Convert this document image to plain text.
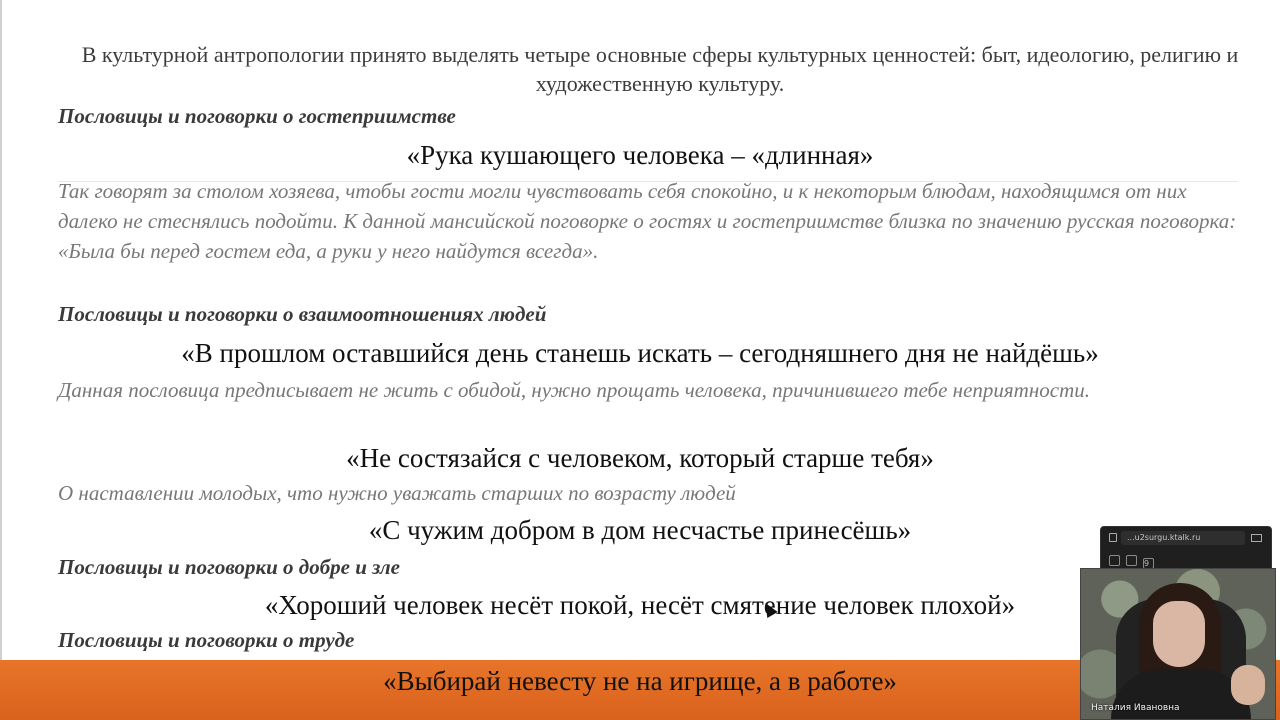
В культурной антропологии принято выделять четыре основные сферы культурных ценностей: быт, идеологию, религию и художественную культуру.
Пословицы и поговорки о гостеприимстве
«Рука кушающего человека – «длинная»
Так говорят за столом хозяева, чтобы гости могли чувствовать себя спокойно, и к некоторым блюдам, находящимся от них далеко не стеснялись подойти. К данной мансийской поговорке о гостях и гостеприимстве близка по значению русская поговорка: «Была бы перед гостем еда, а руки у него найдутся всегда».
Пословицы и поговорки о взаимоотношениях людей
«В прошлом оставшийся день станешь искать – сегодняшнего дня не найдёшь»
Данная пословица предписывает не жить с обидой, нужно прощать человека, причинившего тебе неприятности.
«Не состязайся с человеком, который старше тебя»
О наставлении молодых, что нужно уважать старших по возрасту людей
«С чужим добром в дом несчастье принесёшь»
Пословицы и поговорки о добре и зле
«Хороший человек несёт покой, несёт смятение человек плохой»
Пословицы и поговорки о труде
«Выбирай невесту не на игрище, а в работе»
...u2surgu.ktalk.ru
9
Наталия Ивановна
